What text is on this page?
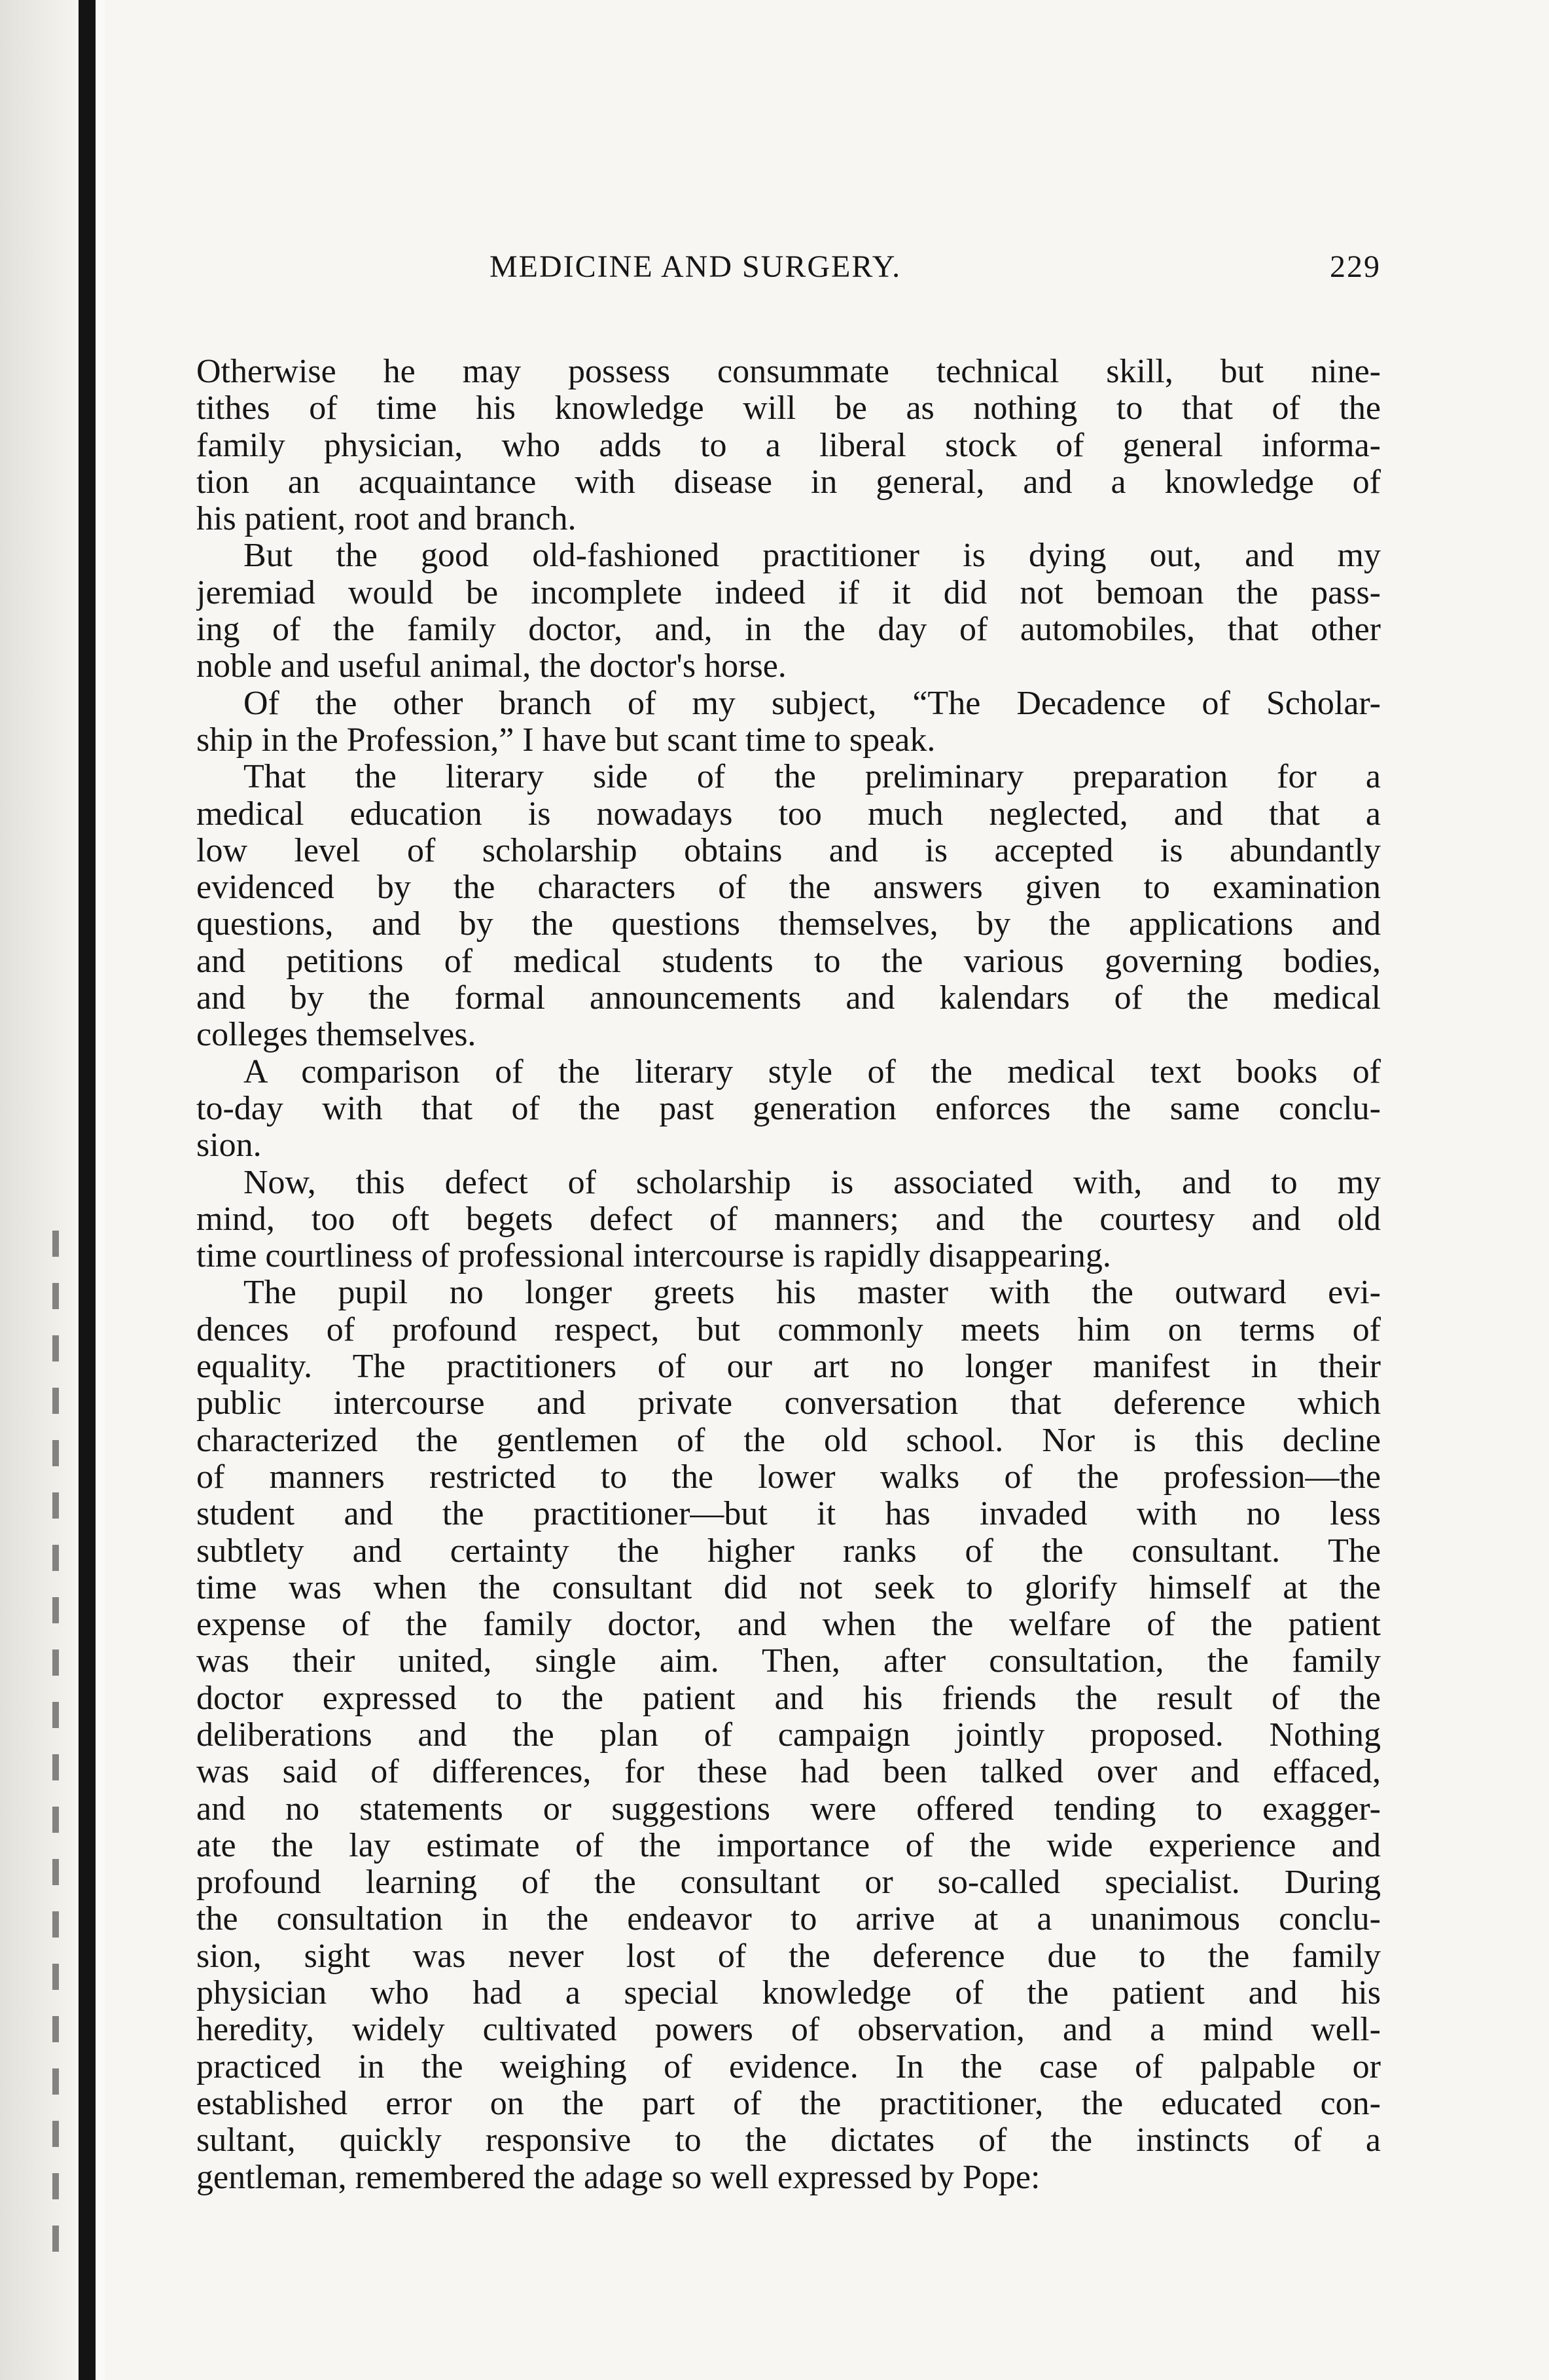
MEDICINE AND SURGERY.	229
Otherwise he may possess consummate technical skill, but nine-
tithes of time his knowledge will be as nothing to that of the
family physician, who adds to a liberal stock of general informa-
tion an acquaintance with disease in general, and a knowledge of
his patient, root and branch.
But the good old-fashioned practitioner is dying out, and my
jeremiad would be incomplete indeed if it did not bemoan the pass-
ing of the family doctor, and, in the day of automobiles, that other
noble and useful animal, the doctor's horse.
Of the other branch of my subject, “The Decadence of Scholar-
ship in the Profession,” I have but scant time to speak.
That the literary side of the preliminary preparation for a
medical education is nowadays too much neglected, and that a
low level of scholarship obtains and is accepted is abundantly
evidenced by the characters of the answers given to examination
questions, and by the questions themselves, by the applications and
and petitions of medical students to the various governing bodies,
and by the formal announcements and kalendars of the medical
colleges themselves.
A comparison of the literary style of the medical text books of
to-day with that of the past generation enforces the same conclu-
sion.
Now, this defect of scholarship is associated with, and to my
mind, too oft begets defect of manners; and the courtesy and old
time courtliness of professional intercourse is rapidly disappearing.
The pupil no longer greets his master with the outward evi-
dences of profound respect, but commonly meets him on terms of
equality. The practitioners of our art no longer manifest in their
public intercourse and private conversation that deference which
characterized the gentlemen of the old school. Nor is this decline
of manners restricted to the lower walks of the profession—the
student and the practitioner—but it has invaded with no less
subtlety and certainty the higher ranks of the consultant. The
time was when the consultant did not seek to glorify himself at the
expense of the family doctor, and when the welfare of the patient
was their united, single aim. Then, after consultation, the family
doctor expressed to the patient and his friends the result of the
deliberations and the plan of campaign jointly proposed. Nothing
was said of differences, for these had been talked over and effaced,
and no statements or suggestions were offered tending to exagger-
ate the lay estimate of the importance of the wide experience and
profound learning of the consultant or so-called specialist. During
the consultation in the endeavor to arrive at a unanimous conclu-
sion, sight was never lost of the deference due to the family
physician who had a special knowledge of the patient and his
heredity, widely cultivated powers of observation, and a mind well-
practiced in the weighing of evidence. In the case of palpable or
established error on the part of the practitioner, the educated con-
sultant, quickly responsive to the dictates of the instincts of a
gentleman, remembered the adage so well expressed by Pope:
